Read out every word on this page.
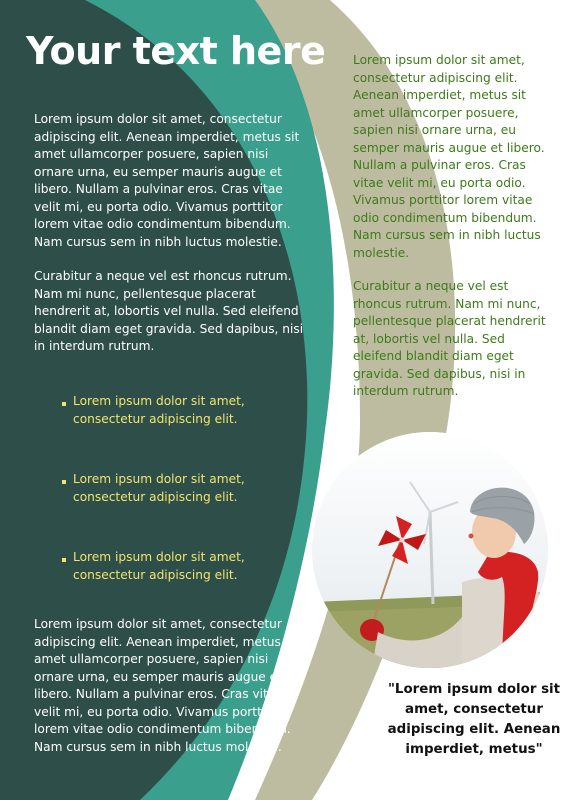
Your text here

Lorem ipsum dolor sit amet, consectetur adipiscing elit. Aenean imperdiet, metus sit amet ullamcorper posuere, sapien nisi ornare urna, eu semper mauris augue et libero. Nullam a pulvinar eros. Cras vitae velit mi, eu porta odio. Vivamus porttitor lorem vitae odio condimentum bibendum. Nam cursus sem in nibh luctus molestie.

Curabitur a neque vel est rhoncus rutrum. Nam mi nunc, pellentesque placerat hendrerit at, lobortis vel nulla. Sed eleifend blandit diam eget gravida. Sed dapibus, nisi in interdum rutrum.

Lorem ipsum dolor sit amet, consectetur adipiscing elit.
Lorem ipsum dolor sit amet, consectetur adipiscing elit.
Lorem ipsum dolor sit amet, consectetur adipiscing elit.

Lorem ipsum dolor sit amet, consectetur adipiscing elit. Aenean imperdiet, metus sit amet ullamcorper posuere, sapien nisi ornare urna, eu semper mauris augue et libero. Nullam a pulvinar eros. Cras vitae velit mi, eu porta odio. Vivamus porttitor lorem vitae odio condimentum bibendum. Nam cursus sem in nibh luctus molestie.

Lorem ipsum dolor sit amet, consectetur adipiscing elit. Aenean imperdiet, metus sit amet ullamcorper posuere, sapien nisi ornare urna, eu semper mauris augue et libero. Nullam a pulvinar eros. Cras vitae velit mi, eu porta odio. Vivamus porttitor lorem vitae odio condimentum bibendum. Nam cursus sem in nibh luctus molestie.

Curabitur a neque vel est rhoncus rutrum. Nam mi nunc, pellentesque placerat hendrerit at, lobortis vel nulla. Sed eleifend blandit diam eget gravida. Sed dapibus, nisi in interdum rutrum.

"Lorem ipsum dolor sit amet, consectetur adipiscing elit. Aenean imperdiet, metus"
